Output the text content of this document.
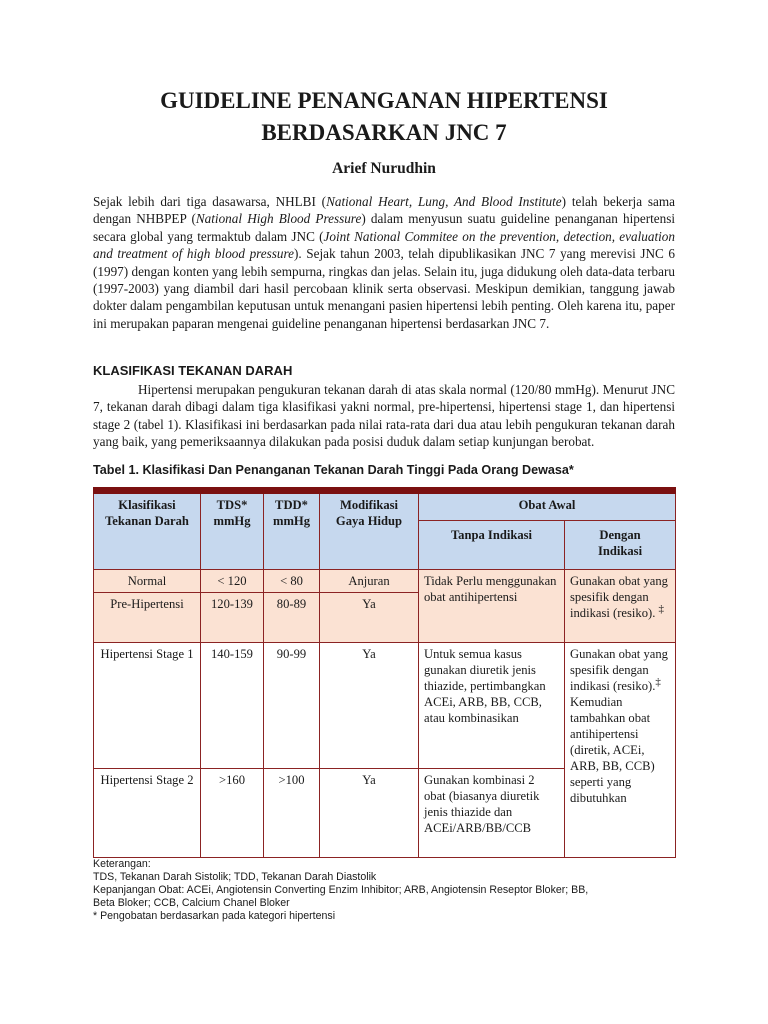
GUIDELINE PENANGANAN HIPERTENSI
BERDASARKAN JNC 7
Arief Nurudhin

Sejak lebih dari tiga dasawarsa, NHLBI (National Heart, Lung, And Blood Institute) telah bekerja sama dengan NHBPEP (National High Blood Pressure) dalam menyusun suatu guideline penanganan hipertensi secara global yang termaktub dalam JNC (Joint National Commitee on the prevention, detection, evaluation and treatment of high blood pressure). Sejak tahun 2003, telah dipublikasikan JNC 7 yang merevisi JNC 6 (1997) dengan konten yang lebih sempurna, ringkas dan jelas. Selain itu, juga didukung oleh data-data terbaru (1997-2003) yang diambil dari hasil percobaan klinik serta observasi. Meskipun demikian, tanggung jawab dokter dalam pengambilan keputusan untuk menangani pasien hipertensi lebih penting. Oleh karena itu, paper ini merupakan paparan mengenai guideline penanganan hipertensi berdasarkan JNC 7.

KLASIFIKASI TEKANAN DARAH

Hipertensi merupakan pengukuran tekanan darah di atas skala normal (120/80 mmHg). Menurut JNC 7, tekanan darah dibagi dalam tiga klasifikasi yakni normal, pre-hipertensi, hipertensi stage 1, dan hipertensi stage 2 (tabel 1). Klasifikasi ini berdasarkan pada nilai rata-rata dari dua atau lebih pengukuran tekanan darah yang baik, yang pemeriksaannya dilakukan pada posisi duduk dalam setiap kunjungan berobat.

Tabel 1. Klasifikasi Dan Penanganan Tekanan Darah Tinggi Pada Orang Dewasa*

Klasifikasi Tekanan Darah	TDS* mmHg	TDD* mmHg	Modifikasi Gaya Hidup	Obat Awal	
				Tanpa Indikasi	Dengan Indikasi
Normal	< 120	< 80	Anjuran	Tidak Perlu menggunakan obat antihipertensi	Gunakan obat yang spesifik dengan indikasi (resiko). ‡
Pre-Hipertensi	120-139	80-89	Ya		
Hipertensi Stage 1	140-159	90-99	Ya	Untuk semua kasus gunakan diuretik jenis thiazide, pertimbangkan ACEi, ARB, BB, CCB, atau kombinasikan	Gunakan obat yang spesifik dengan indikasi (resiko).‡ Kemudian tambahkan obat antihipertensi (diretik, ACEi, ARB, BB, CCB) seperti yang dibutuhkan
Hipertensi Stage 2	>160	>100	Ya	Gunakan kombinasi 2 obat (biasanya diuretik jenis thiazide dan ACEi/ARB/BB/CCB	
Keterangan:
TDS, Tekanan Darah Sistolik; TDD, Tekanan Darah Diastolik
Kepanjangan Obat: ACEi, Angiotensin Converting Enzim Inhibitor; ARB, Angiotensin Reseptor Bloker; BB,
Beta Bloker; CCB, Calcium Chanel Bloker
* Pengobatan berdasarkan pada kategori hipertensi
